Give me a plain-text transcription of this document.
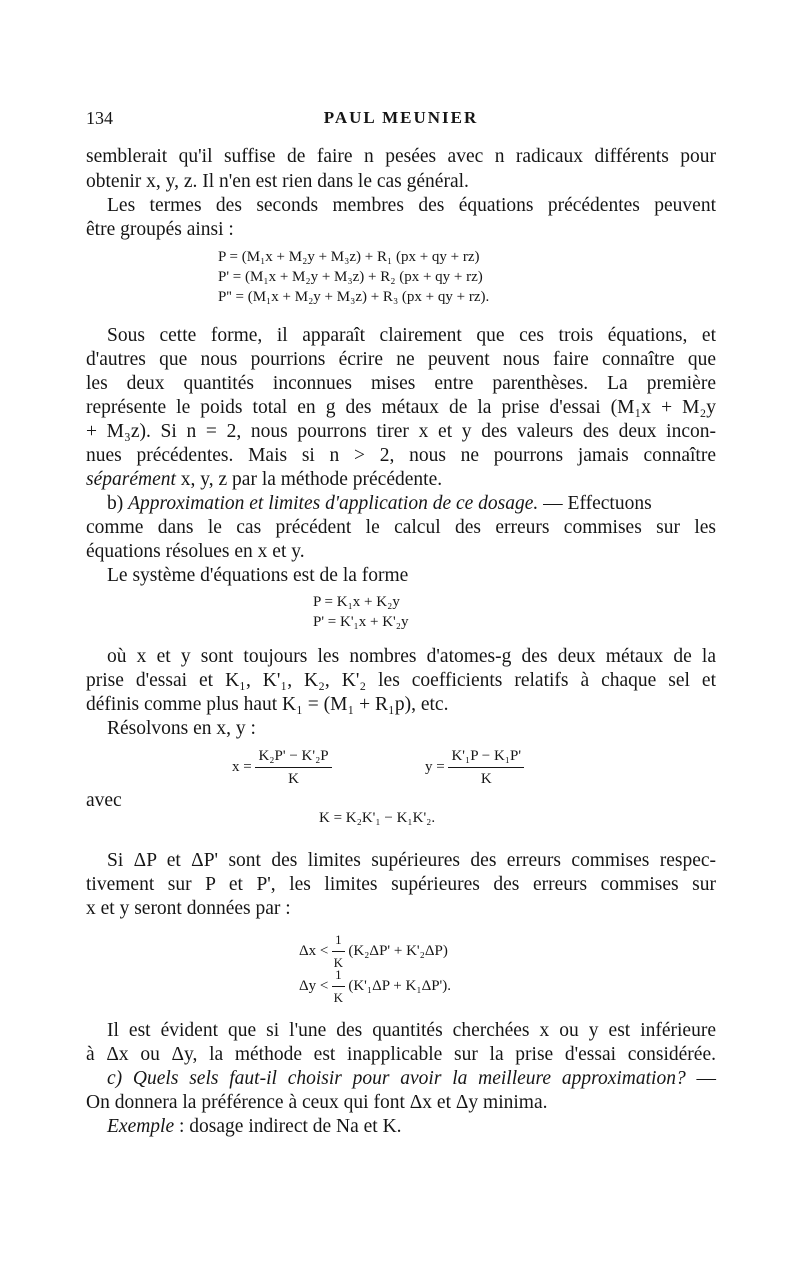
134	PAUL MEUNIER
semblerait qu'il suffise de faire n pesées avec n radicaux différents pour
obtenir x, y, z. Il n'en est rien dans le cas général.
Les termes des seconds membres des équations précédentes peuvent
être groupés ainsi :
P = (M₁x + M₂y + M₃z) + R₁ (px + qy + rz)
P' = (M₁x + M₂y + M₃z) + R₂ (px + qy + rz)
P'' = (M₁x + M₂y + M₃z) + R₃ (px + qy + rz).
Sous cette forme, il apparaît clairement que ces trois équations, et
d'autres que nous pourrions écrire ne peuvent nous faire connaître que
les deux quantités inconnues mises entre parenthèses. La première
représente le poids total en g des métaux de la prise d'essai (M₁x + M₂y
+ M₃z). Si n = 2, nous pourrons tirer x et y des valeurs des deux incon-
nues précédentes. Mais si n > 2, nous ne pourrons jamais connaître
séparément x, y, z par la méthode précédente.
b) Approximation et limites d'application de ce dosage. — Effectuons
comme dans le cas précédent le calcul des erreurs commises sur les
équations résolues en x et y.
Le système d'équations est de la forme
P = K₁x + K₂y
P' = K'₁x + K'₂y
où x et y sont toujours les nombres d'atomes-g des deux métaux de la
prise d'essai et K₁, K'₁, K₂, K'₂ les coefficients relatifs à chaque sel et
définis comme plus haut K₁ = (M₁ + R₁p), etc.
Résolvons en x, y :
$x = \frac{\text{K₂P' − K'₂P}}{K}$	$y = \frac{\text{K'₁P − K₁P'}}{K}$
avec
K = K₂K'₁ − K₁K'₂.
Si ΔP et ΔP' sont des limites supérieures des erreurs commises respec-
tivement sur P et P', les limites supérieures des erreurs commises sur
x et y seront données par :
$\Delta x < \frac{1}{K} (K_2\Delta P' + K'_2\Delta P)$
$\Delta y < \frac{1}{K} (K'_1\Delta P + K_1\Delta P')$.
Il est évident que si l'une des quantités cherchées x ou y est inférieure
à Δx ou Δy, la méthode est inapplicable sur la prise d'essai considérée.
c) Quels sels faut-il choisir pour avoir la meilleure approximation? —
On donnera la préférence à ceux qui font Δx et Δy minima.
Exemple : dosage indirect de Na et K.
